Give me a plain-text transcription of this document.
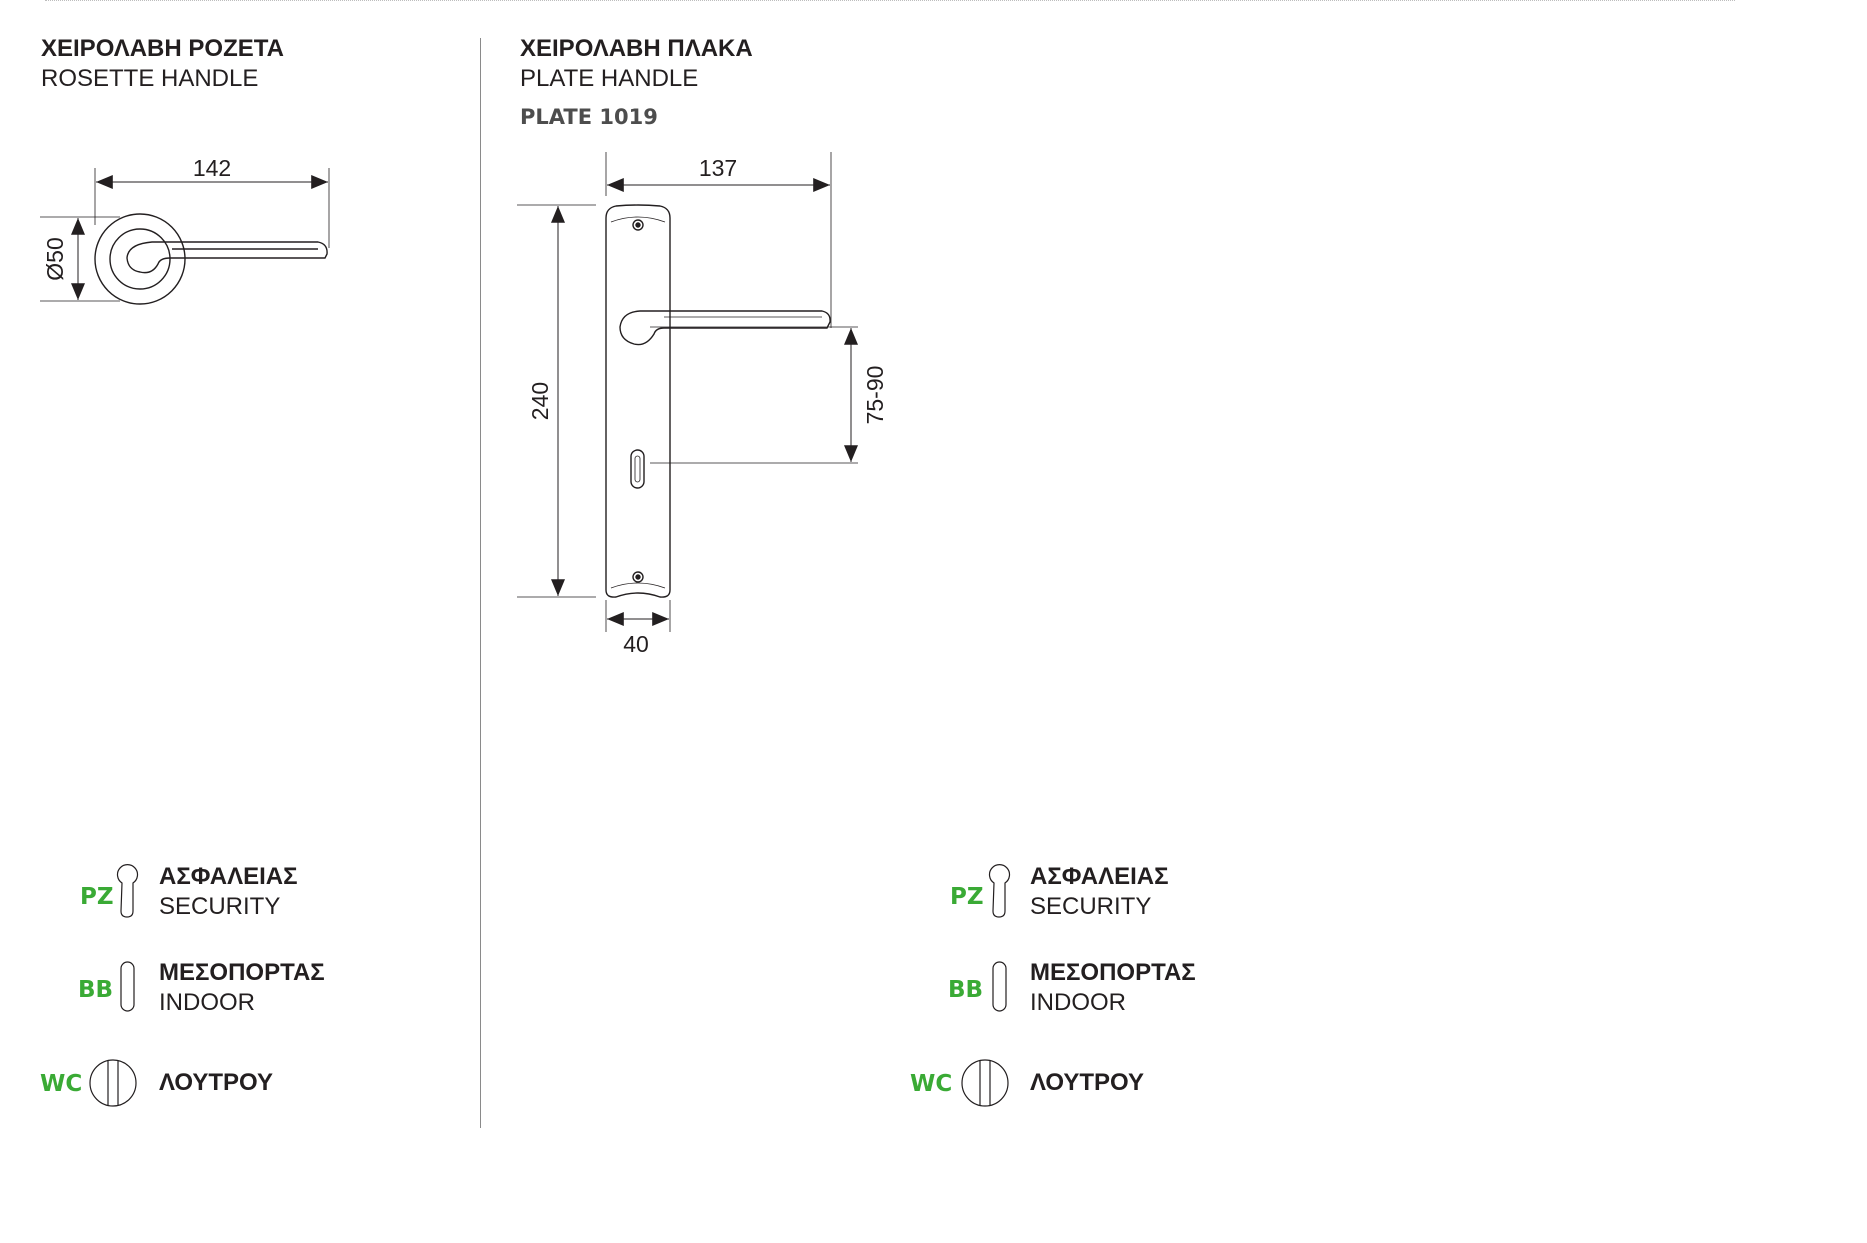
ΧΕΙΡΟΛΑΒΗ ΡΟΖΕΤΑ
ROSETTE HANDLE
ΧΕΙΡΟΛΑΒΗ ΠΛΑΚΑ
PLATE HANDLE
PLATE 1019
142
Ø50
137
240	75-90
40
PZ
BB
WC
PZ
BB
WC
ΑΣΦΑΛΕΙΑΣ
SECURITY
ΜΕΣΟΠΟΡΤΑΣ
INDOOR
ΛΟΥΤΡΟΥ
ΑΣΦΑΛΕΙΑΣ
SECURITY
ΜΕΣΟΠΟΡΤΑΣ
INDOOR
ΛΟΥΤΡΟΥ
